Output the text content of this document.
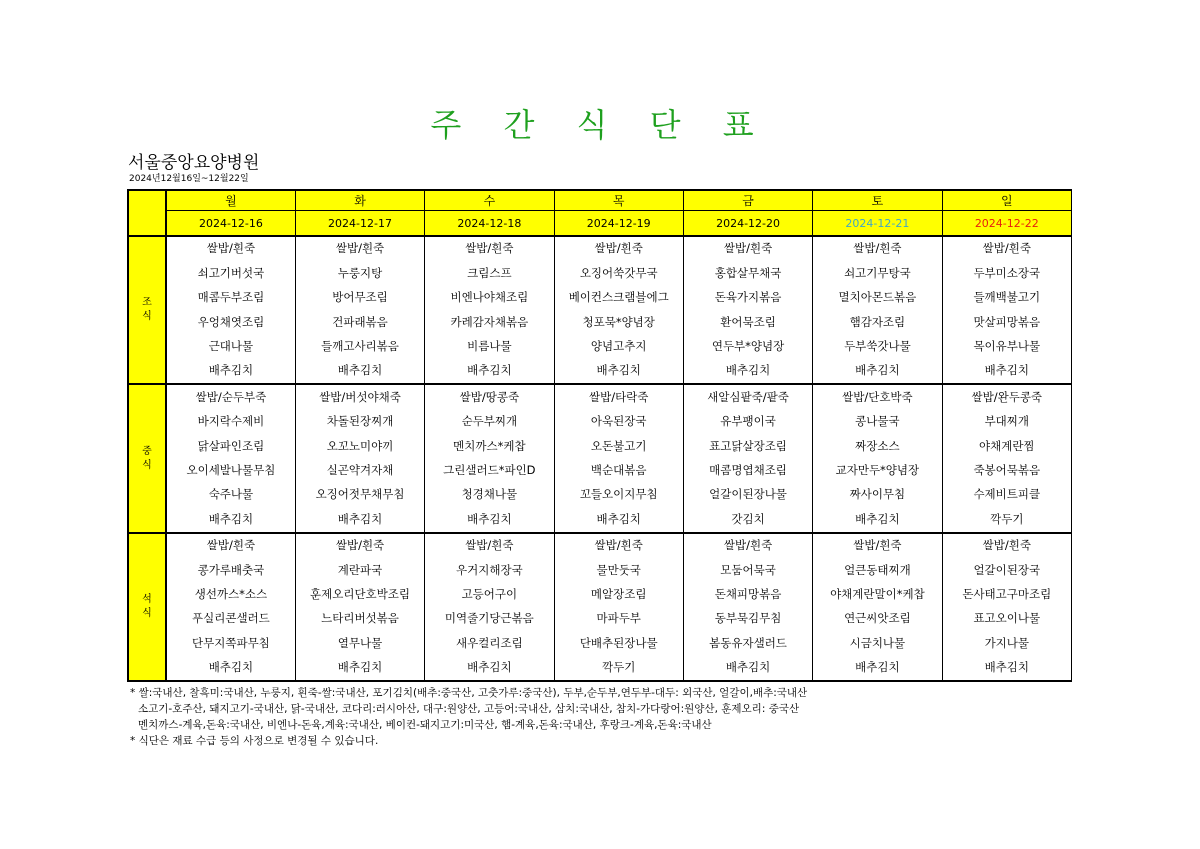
주 간 식 단 표
서울중앙요양병원
2024년12월16일~12월22일
	월	화	수	목	금	토	일
	2024-12-16	2024-12-17	2024-12-18	2024-12-19	2024-12-20	2024-12-21	2024-12-22
조
식	쌀밥/흰죽	쌀밥/흰죽	쌀밥/흰죽	쌀밥/흰죽	쌀밥/흰죽	쌀밥/흰죽	쌀밥/흰죽
	쇠고기버섯국	누룽지탕	크림스프	오징어쑥갓무국	홍합살무채국	쇠고기무탕국	두부미소장국
	매콤두부조림	방어무조림	비엔나야채조림	베이컨스크램블에그	돈육가지볶음	멸치아몬드볶음	들깨백불고기
	우엉채엿조림	건파래볶음	카레감자채볶음	청포묵*양념장	환어묵조림	햄감자조림	맛살피망볶음
	근대나물	들깨고사리볶음	비름나물	양념고추지	연두부*양념장	두부쑥갓나물	목이유부나물
	배추김치	배추김치	배추김치	배추김치	배추김치	배추김치	배추김치
중
식	쌀밥/순두부죽	쌀밥/버섯야채죽	쌀밥/땅콩죽	쌀밥/타락죽	새알심팥죽/팥죽	쌀밥/단호박죽	쌀밥/완두콩죽
	바지락수제비	차돌된장찌개	순두부찌개	아욱된장국	유부팽이국	콩나물국	부대찌개
	닭살파인조림	오꼬노미야끼	멘치까스*케찹	오돈불고기	표고닭살장조림	짜장소스	야채계란찜
	오이세발나물무침	실곤약겨자채	그린샐러드*파인D	백순대볶음	매콤명엽채조림	교자만두*양념장	죽봉어묵볶음
	숙주나물	오징어젓무채무침	청경채나물	꼬들오이지무침	얼갈이된장나물	짜사이무침	수제비트피클
	배추김치	배추김치	배추김치	배추김치	갓김치	배추김치	깍두기
석
식	쌀밥/흰죽	쌀밥/흰죽	쌀밥/흰죽	쌀밥/흰죽	쌀밥/흰죽	쌀밥/흰죽	쌀밥/흰죽
	콩가루배춧국	계란파국	우거지해장국	물만둣국	모둠어묵국	얼큰동태찌개	얼갈이된장국
	생선까스*소스	훈제오리단호박조림	고등어구이	메알장조림	돈채피망볶음	야채계란말이*케찹	돈사태고구마조림
	푸실리콘샐러드	느타리버섯볶음	미역줄기당근볶음	마파두부	동부묵김무침	연근씨앗조림	표고오이나물
	단무지쪽파무침	열무나물	새우컬리조림	단배추된장나물	봄동유자샐러드	시금치나물	가지나물
	배추김치	배추김치	배추김치	깍두기	배추김치	배추김치	배추김치
* 쌀:국내산, 찰흑미:국내산, 누룽지, 흰죽-쌀:국내산, 포기김치(배추:중국산, 고춧가루:중국산), 두부,순두부,연두부-대두: 외국산, 얼갈이,배추:국내산
소고기-호주산, 돼지고기-국내산, 닭-국내산, 코다리:러시아산, 대구:원양산, 고등어:국내산, 삼치:국내산, 참치-가다랑어:원양산, 훈제오리: 중국산
멘치까스-계육,돈육:국내산, 비엔나-돈육,계육:국내산, 베이컨-돼지고기:미국산, 햄-계육,돈육:국내산, 후랑크-계육,돈육:국내산
* 식단은 재료 수급 등의 사정으로 변경될 수 있습니다.
